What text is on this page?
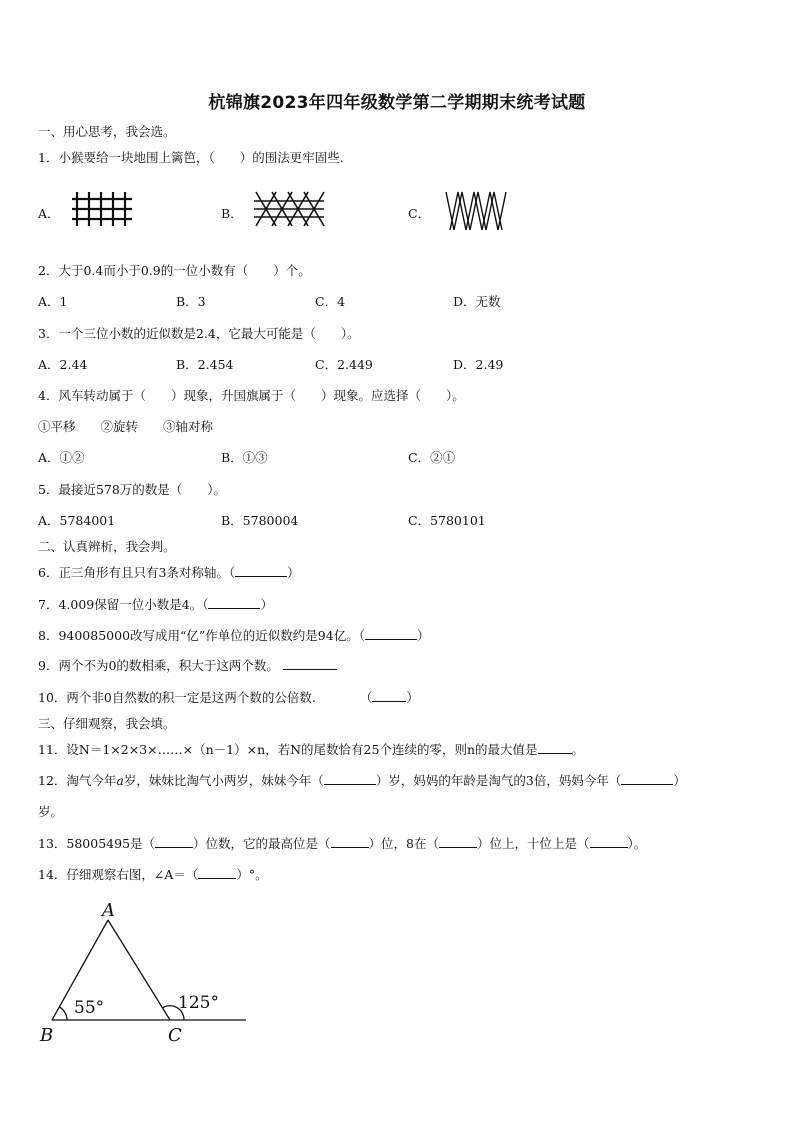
杭锦旗2023年四年级数学第二学期期末统考试题
一、用心思考，我会选。
1．小猴要给一块地围上篱笆，（　　）的围法更牢固些.
A．	B．	C．
2．大于0.4而小于0.9的一位小数有（　　）个。
A．1	B．3	C．4	D．无数
3．一个三位小数的近似数是2.4，它最大可能是（　　）。
A．2.44	B．2.454	C．2.449	D．2.49
4．风车转动属于（　　）现象，升国旗属于（　　）现象。应选择（　　）。
①平移　　②旋转　　③轴对称
A．①②	B．①③	C．②①
5．最接近578万的数是（　　）。
A．5784001	B．5780004	C．5780101
二、认真辨析，我会判。
6．正三角形有且只有3条对称轴。（	）
7．4.009保留一位小数是4。（	）
8．940085000改写成用“亿”作单位的近似数约是94亿。（	）
9．两个不为0的数相乘，积大于这两个数。
10．两个非0自然数的积一定是这两个数的公倍数.	（	）
三、仔细观察，我会填。
11．设N＝1×2×3×……×（n－1）×n，若N的尾数恰有25个连续的零，则n的最大值是	。
12．淘气今年a岁，妹妹比淘气小两岁，妹妹今年（	）岁，妈妈的年龄是淘气的3倍，妈妈今年（	）
岁。
13．58005495是（	）位数，它的最高位是（	）位，8在（	）位上，十位上是（	）。
14．仔细观察右图，∠A＝（	）°。
A
B	C
55°	125°
